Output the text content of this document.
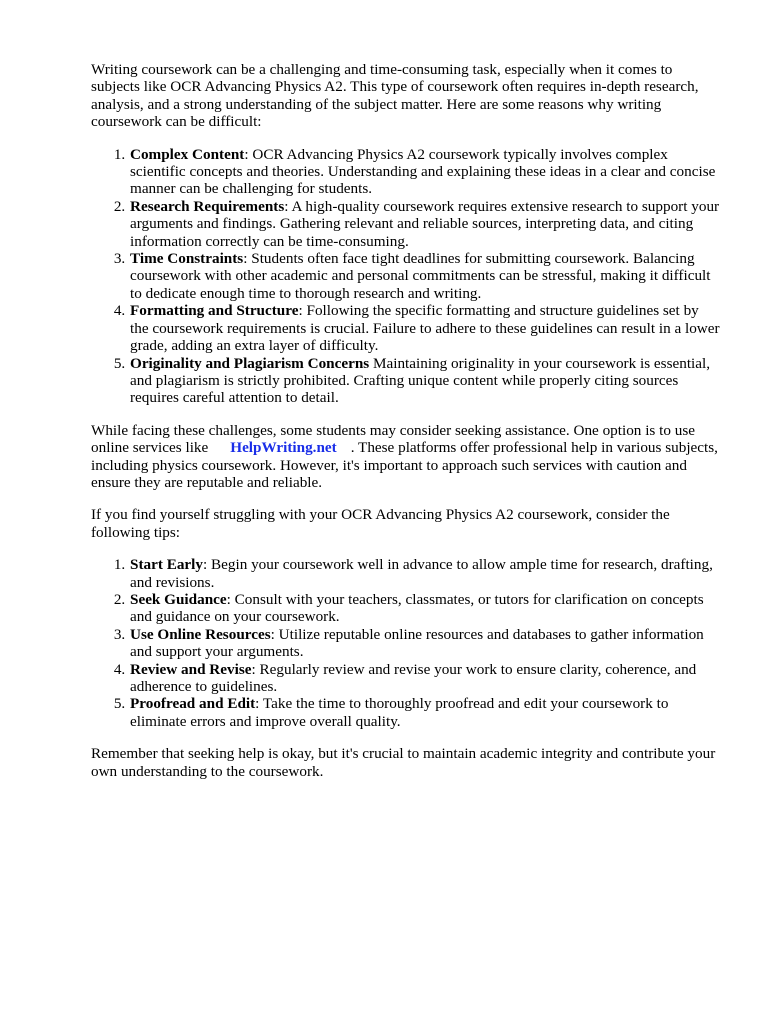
Writing coursework can be a challenging and time-consuming task, especially when it comes to subjects like OCR Advancing Physics A2. This type of coursework often requires in-depth research, analysis, and a strong understanding of the subject matter. Here are some reasons why writing coursework can be difficult:

1. Complex Content: OCR Advancing Physics A2 coursework typically involves complex scientific concepts and theories. Understanding and explaining these ideas in a clear and concise manner can be challenging for students.
2. Research Requirements: A high-quality coursework requires extensive research to support your arguments and findings. Gathering relevant and reliable sources, interpreting data, and citing information correctly can be time-consuming.
3. Time Constraints: Students often face tight deadlines for submitting coursework. Balancing coursework with other academic and personal commitments can be stressful, making it difficult to dedicate enough time to thorough research and writing.
4. Formatting and Structure: Following the specific formatting and structure guidelines set by the coursework requirements is crucial. Failure to adhere to these guidelines can result in a lower grade, adding an extra layer of difficulty.
5. Originality and Plagiarism Concerns Maintaining originality in your coursework is essential, and plagiarism is strictly prohibited. Crafting unique content while properly citing sources requires careful attention to detail.

While facing these challenges, some students may consider seeking assistance. One option is to use online services like HelpWriting.net . These platforms offer professional help in various subjects, including physics coursework. However, it's important to approach such services with caution and ensure they are reputable and reliable.

If you find yourself struggling with your OCR Advancing Physics A2 coursework, consider the following tips:

1. Start Early: Begin your coursework well in advance to allow ample time for research, drafting, and revisions.
2. Seek Guidance: Consult with your teachers, classmates, or tutors for clarification on concepts and guidance on your coursework.
3. Use Online Resources: Utilize reputable online resources and databases to gather information and support your arguments.
4. Review and Revise: Regularly review and revise your work to ensure clarity, coherence, and adherence to guidelines.
5. Proofread and Edit: Take the time to thoroughly proofread and edit your coursework to eliminate errors and improve overall quality.

Remember that seeking help is okay, but it's crucial to maintain academic integrity and contribute your own understanding to the coursework.
